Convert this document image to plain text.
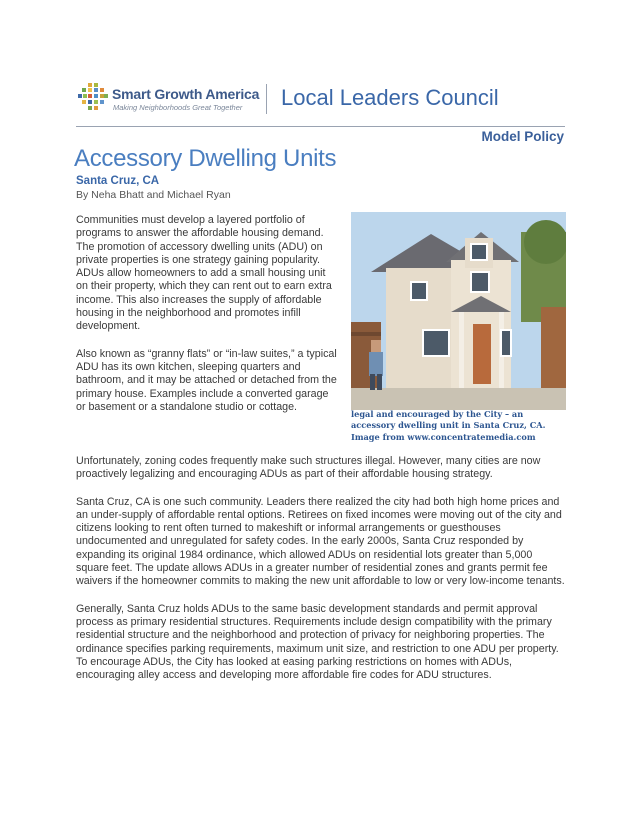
Smart Growth America
Making Neighborhoods Great Together Local Leaders Council
Model Policy
Accessory Dwelling Units
Santa Cruz, CA
By Neha Bhatt and Michael Ryan

Communities must develop a layered portfolio of programs to answer the affordable housing demand. The promotion of accessory dwelling units (ADU) on private properties is one strategy gaining popularity. ADUs allow homeowners to add a small housing unit on their property, which they can rent out to earn extra income. This also increases the supply of affordable housing in the neighborhood and promotes infill development.

Also known as “granny flats” or “in-law suites,” a typical ADU has its own kitchen, sleeping quarters and bathroom, and it may be attached or detached from the primary house. Examples include a converted garage or basement or a standalone studio or cottage.

legal and encouraged by the City – an accessory dwelling unit in Santa Cruz, CA. Image from www.concentratemedia.com

Unfortunately, zoning codes frequently make such structures illegal. However, many cities are now proactively legalizing and encouraging ADUs as part of their affordable housing strategy.

Santa Cruz, CA is one such community. Leaders there realized the city had both high home prices and an under-supply of affordable rental options. Retirees on fixed incomes were moving out of the city and citizens looking to rent often turned to makeshift or informal arrangements or guesthouses undocumented and unregulated for safety codes. In the early 2000s, Santa Cruz responded by expanding its original 1984 ordinance, which allowed ADUs on residential lots greater than 5,000 square feet. The update allows ADUs in a greater number of residential zones and grants permit fee waivers if the homeowner commits to making the new unit affordable to low or very low-income tenants.

Generally, Santa Cruz holds ADUs to the same basic development standards and permit approval process as primary residential structures. Requirements include design compatibility with the primary residential structure and the neighborhood and protection of privacy for neighboring properties. The ordinance specifies parking requirements, maximum unit size, and restriction to one ADU per property. To encourage ADUs, the City has looked at easing parking restrictions on homes with ADUs, encouraging alley access and developing more affordable fire codes for ADU structures.
